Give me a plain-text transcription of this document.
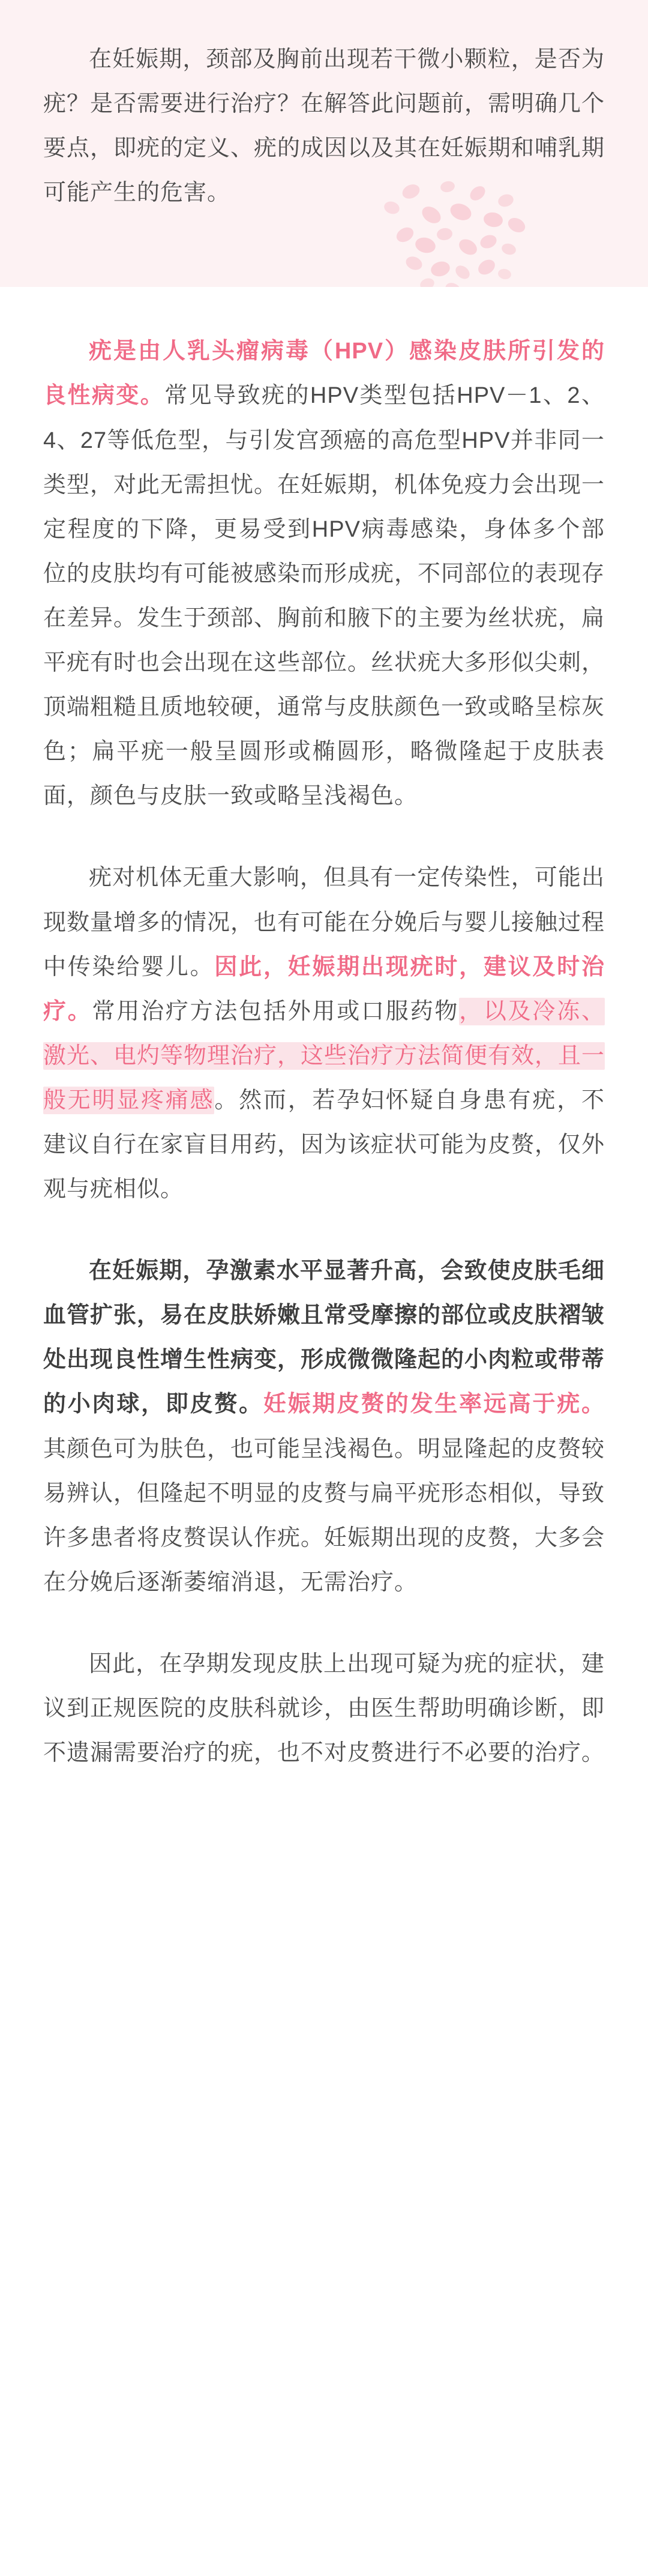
在妊娠期，颈部及胸前出现若干微小颗粒，是否为疣？是否需要进行治疗？在解答此问题前，需明确几个要点，即疣的定义、疣的成因以及其在妊娠期和哺乳期可能产生的危害。

疣是由人乳头瘤病毒（HPV）感染皮肤所引发的良性病变。常见导致疣的HPV类型包括HPV－1、2、4、27等低危型，与引发宫颈癌的高危型HPV并非同一类型，对此无需担忧。在妊娠期，机体免疫力会出现一定程度的下降，更易受到HPV病毒感染，身体多个部位的皮肤均有可能被感染而形成疣，不同部位的表现存在差异。发生于颈部、胸前和腋下的主要为丝状疣，扁平疣有时也会出现在这些部位。丝状疣大多形似尖刺，顶端粗糙且质地较硬，通常与皮肤颜色一致或略呈棕灰色；扁平疣一般呈圆形或椭圆形，略微隆起于皮肤表面，颜色与皮肤一致或略呈浅褐色。

疣对机体无重大影响，但具有一定传染性，可能出现数量增多的情况，也有可能在分娩后与婴儿接触过程中传染给婴儿。因此，妊娠期出现疣时，建议及时治疗。常用治疗方法包括外用或口服药物，以及冷冻、激光、电灼等物理治疗，这些治疗方法简便有效，且一般无明显疼痛感。然而，若孕妇怀疑自身患有疣，不建议自行在家盲目用药，因为该症状可能为皮赘，仅外观与疣相似。

在妊娠期，孕激素水平显著升高，会致使皮肤毛细血管扩张，易在皮肤娇嫩且常受摩擦的部位或皮肤褶皱处出现良性增生性病变，形成微微隆起的小肉粒或带蒂的小肉球，即皮赘。妊娠期皮赘的发生率远高于疣。其颜色可为肤色，也可能呈浅褐色。明显隆起的皮赘较易辨认，但隆起不明显的皮赘与扁平疣形态相似，导致许多患者将皮赘误认作疣。妊娠期出现的皮赘，大多会在分娩后逐渐萎缩消退，无需治疗。

因此，在孕期发现皮肤上出现可疑为疣的症状，建议到正规医院的皮肤科就诊，由医生帮助明确诊断，即不遗漏需要治疗的疣，也不对皮赘进行不必要的治疗。
